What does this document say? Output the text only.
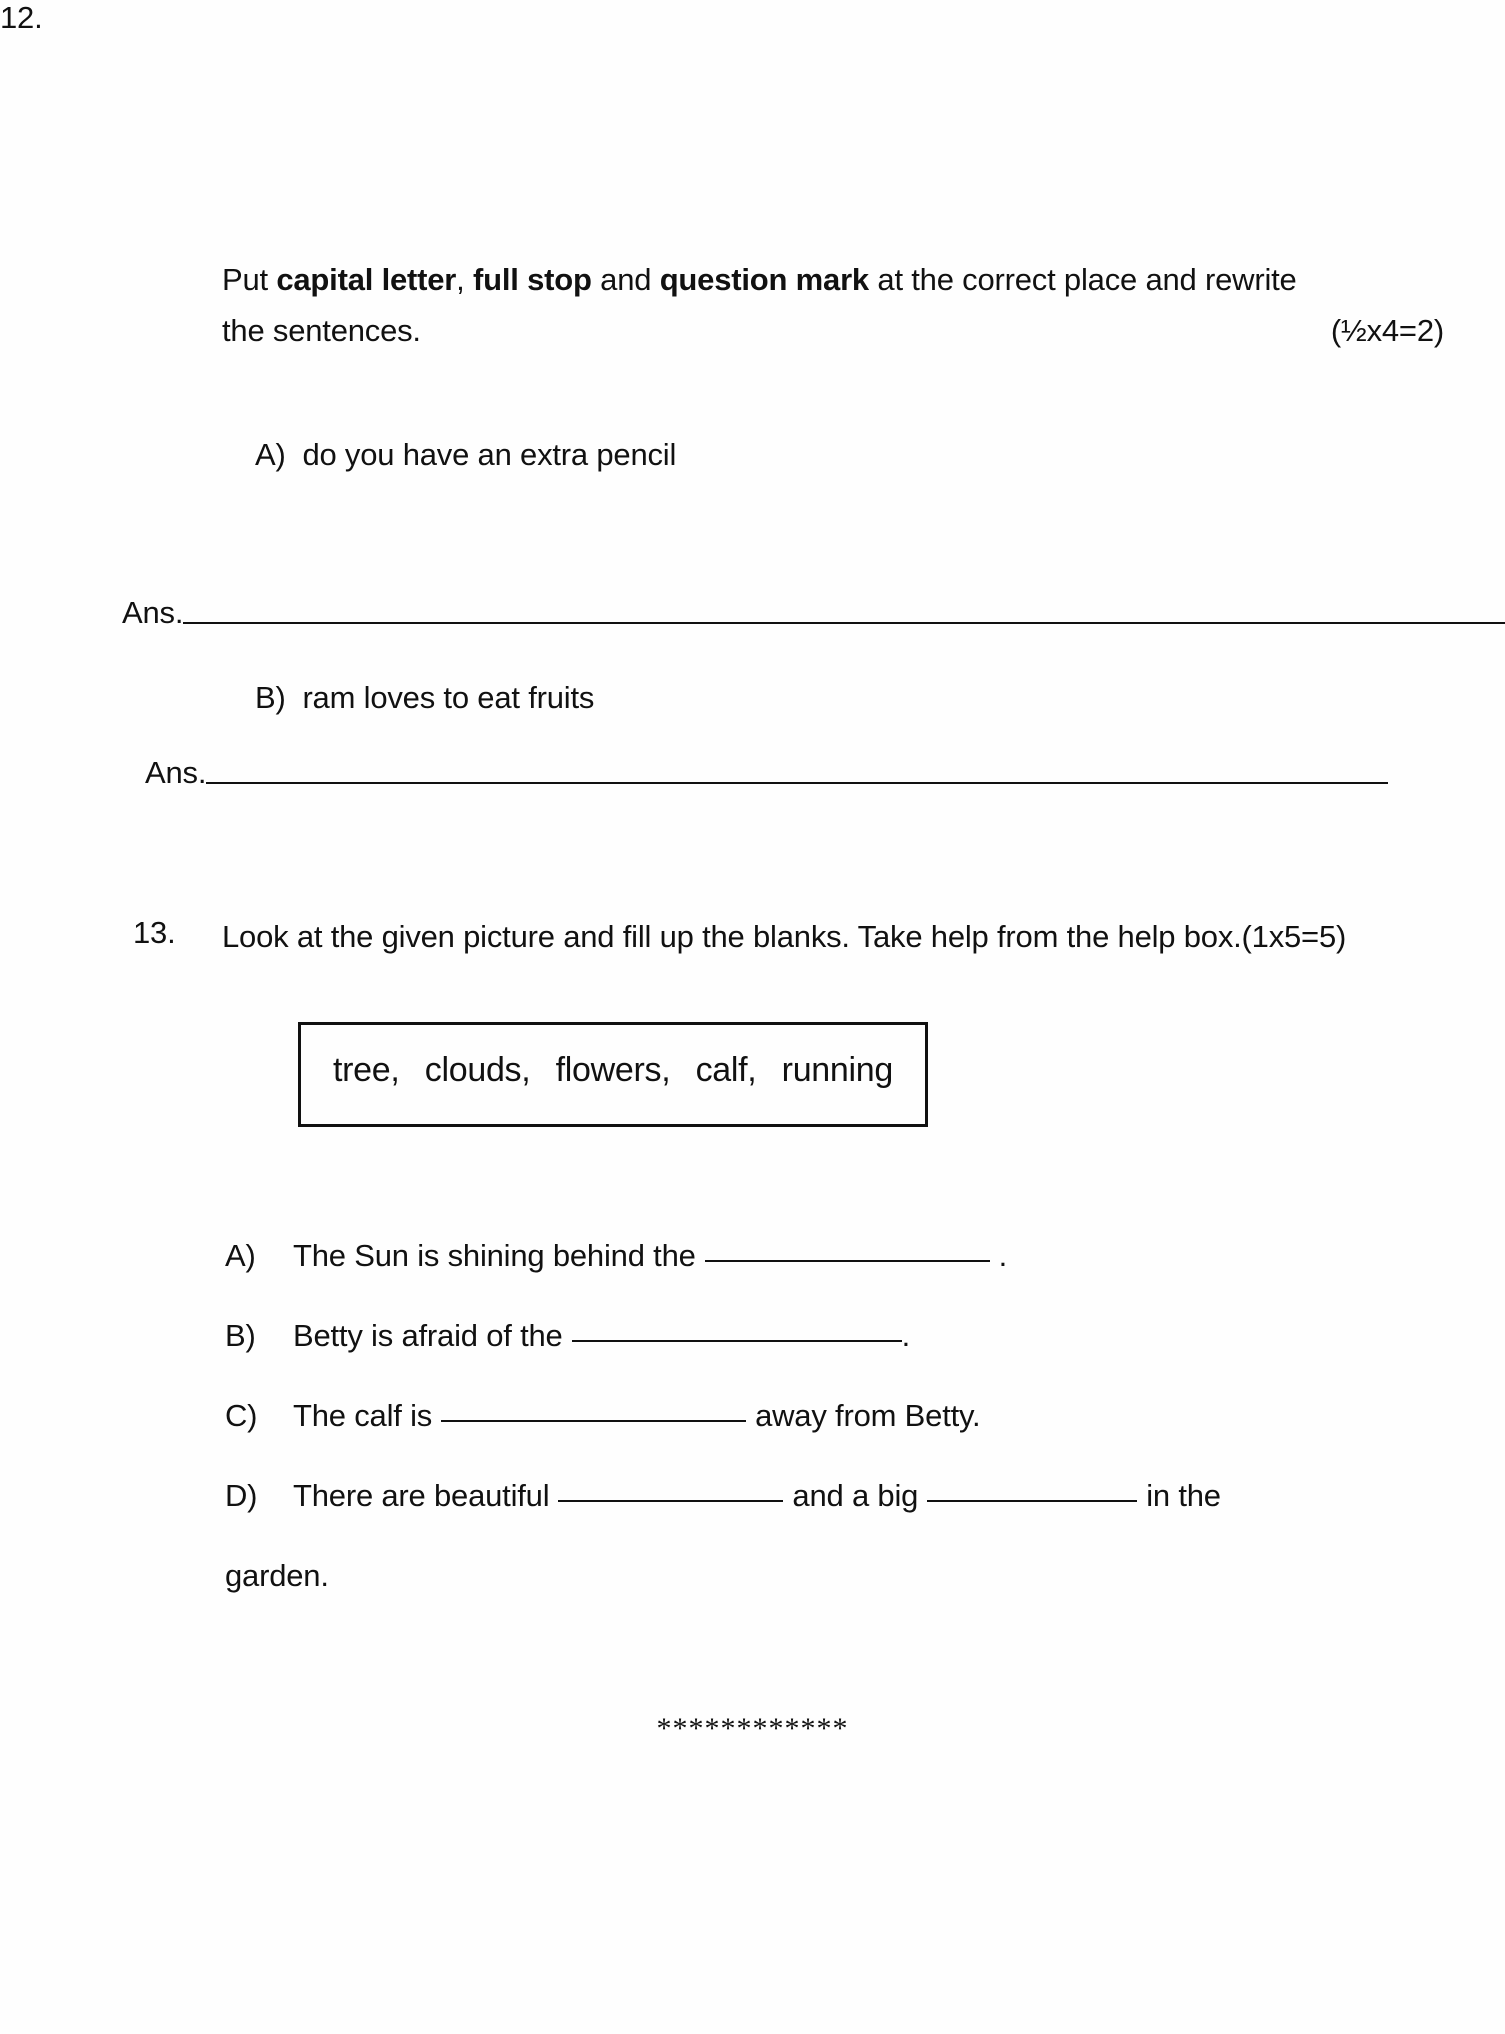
12.
Put capital letter, full stop and question mark at the correct place and rewrite
the sentences.	(½x4=2)
A) do you have an extra pencil
Ans.
B) ram loves to eat fruits
Ans.
13. Look at the given picture and fill up the blanks. Take help from the help box.(1x5=5)
tree, clouds, flowers, calf, running
A)	The Sun is shining behind the	.
B)	Betty is afraid of the	.
C)	The calf is	away from Betty.
D)	There are beautiful	and a big	in the
garden.
************
